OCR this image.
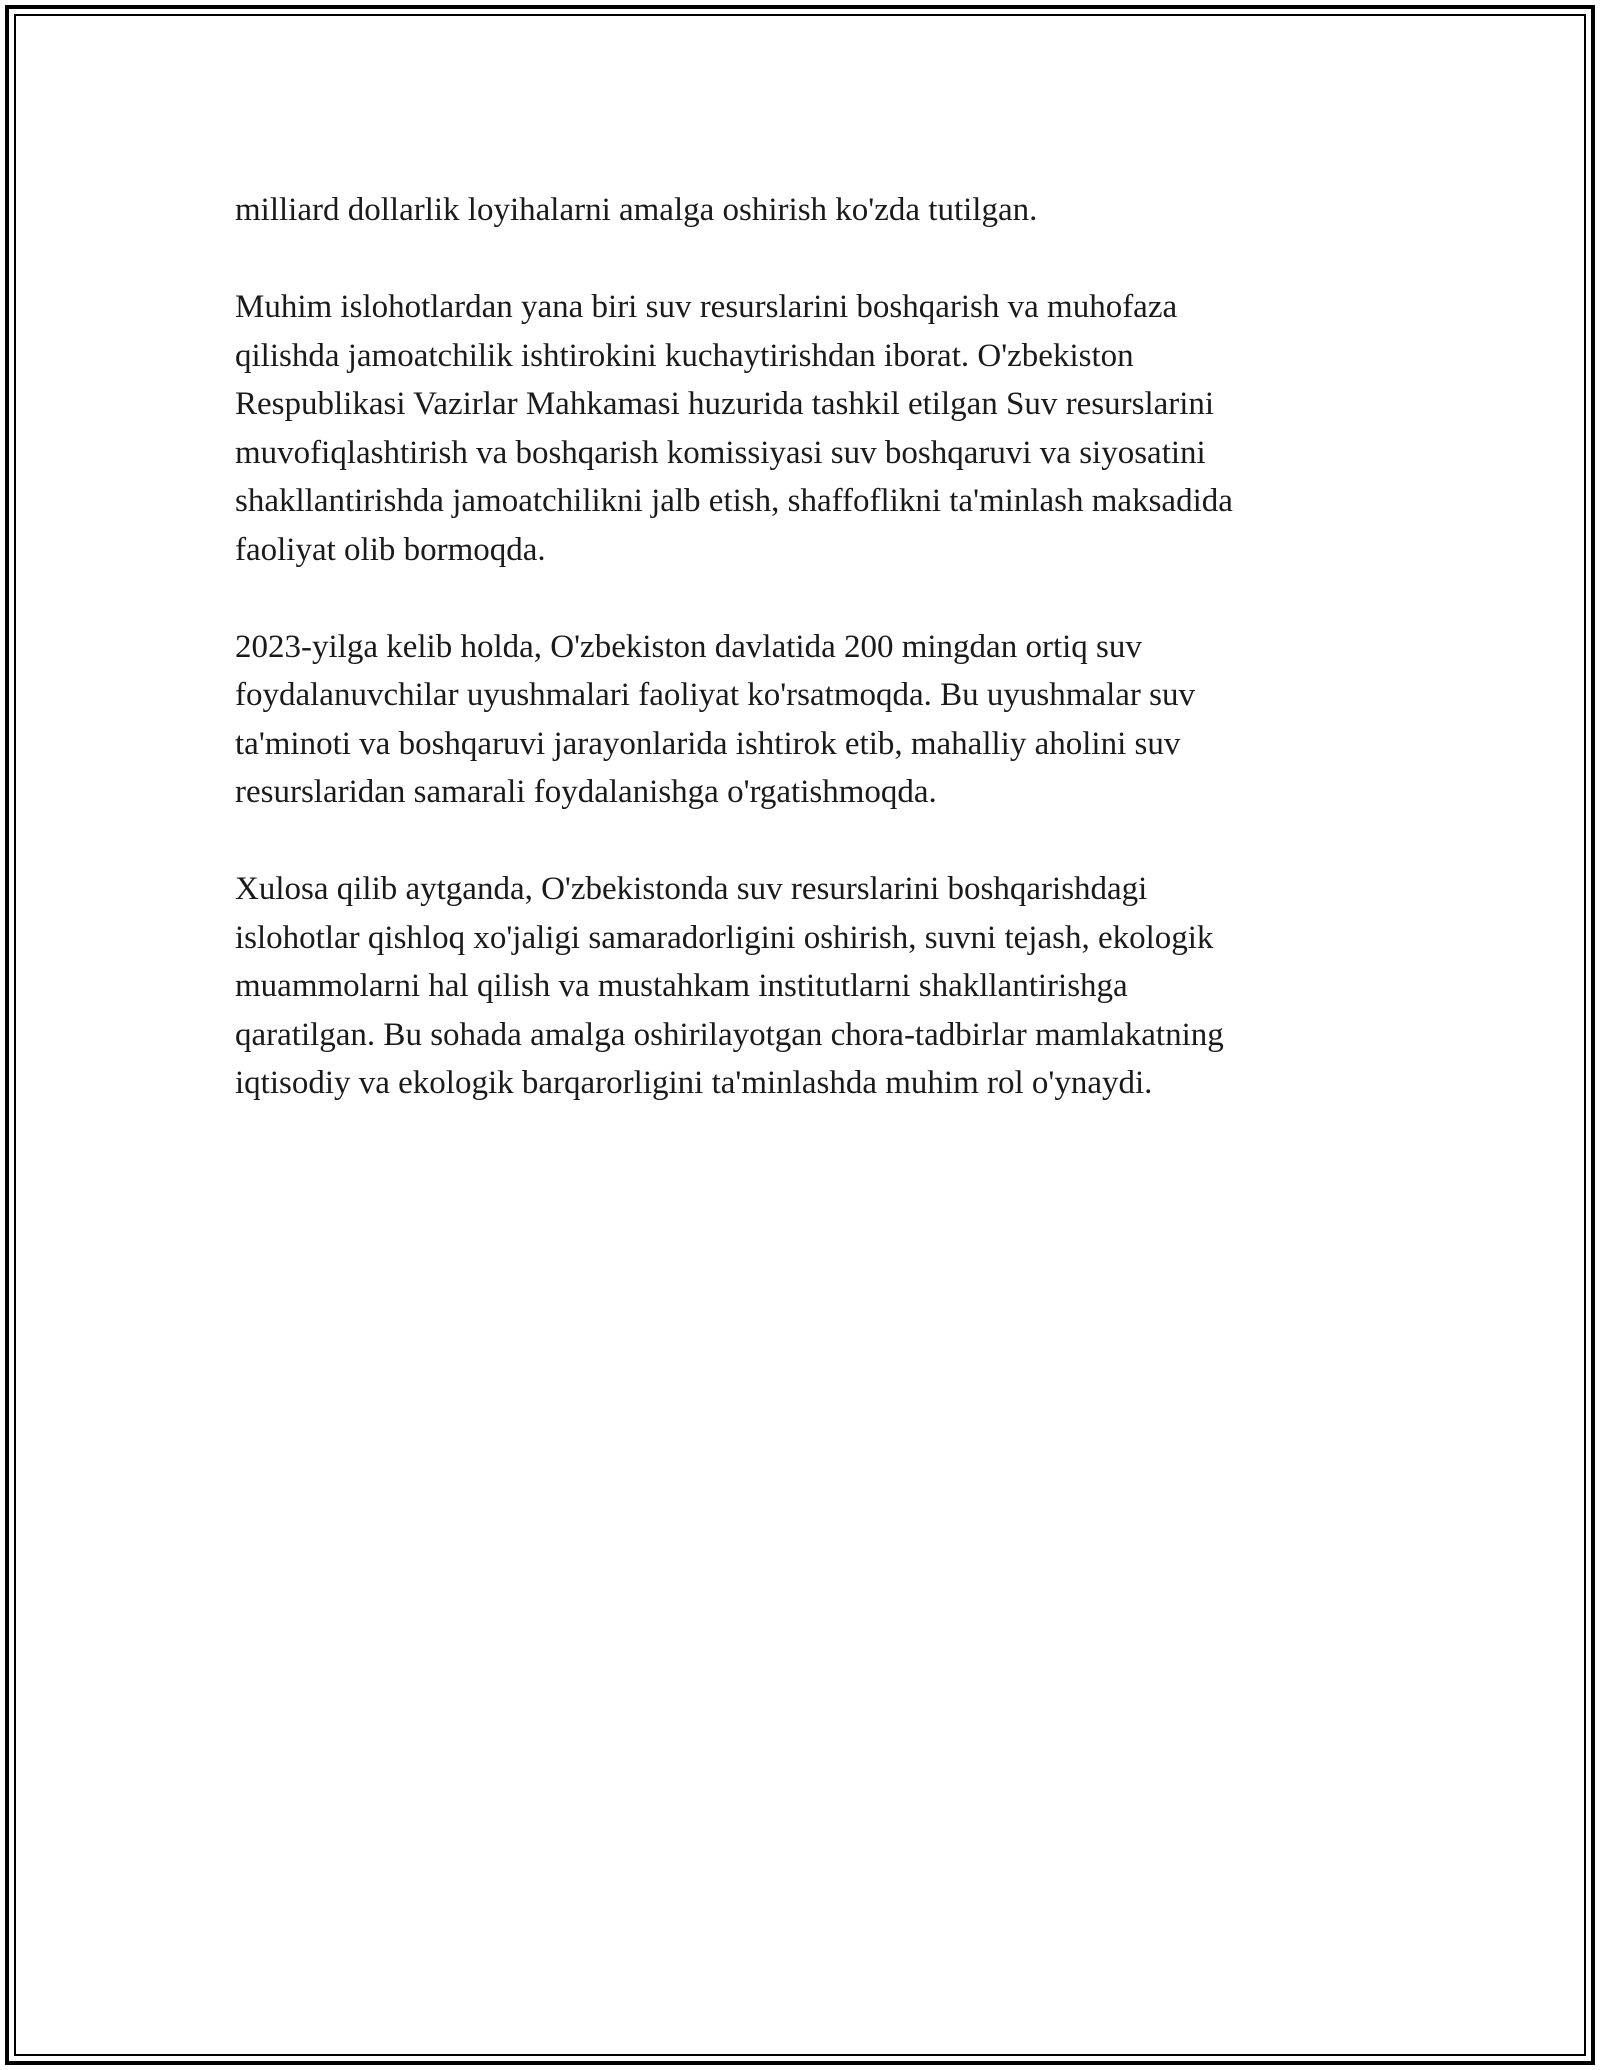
milliard dollarlik loyihalarni amalga oshirish ko'zda tutilgan.

Muhim islohotlardan yana biri suv resurslarini boshqarish va muhofaza
qilishda jamoatchilik ishtirokini kuchaytirishdan iborat. O'zbekiston
Respublikasi Vazirlar Mahkamasi huzurida tashkil etilgan Suv resurslarini
muvofiqlashtirish va boshqarish komissiyasi suv boshqaruvi va siyosatini
shakllantirishda jamoatchilikni jalb etish, shaffoflikni ta'minlash maksadida
faoliyat olib bormoqda.

2023-yilga kelib holda, O'zbekiston davlatida 200 mingdan ortiq suv
foydalanuvchilar uyushmalari faoliyat ko'rsatmoqda. Bu uyushmalar suv
ta'minoti va boshqaruvi jarayonlarida ishtirok etib, mahalliy aholini suv
resurslaridan samarali foydalanishga o'rgatishmoqda.

Xulosa qilib aytganda, O'zbekistonda suv resurslarini boshqarishdagi
islohotlar qishloq xo'jaligi samaradorligini oshirish, suvni tejash, ekologik
muammolarni hal qilish va mustahkam institutlarni shakllantirishga
qaratilgan. Bu sohada amalga oshirilayotgan chora-tadbirlar mamlakatning
iqtisodiy va ekologik barqarorligini ta'minlashda muhim rol o'ynaydi.
